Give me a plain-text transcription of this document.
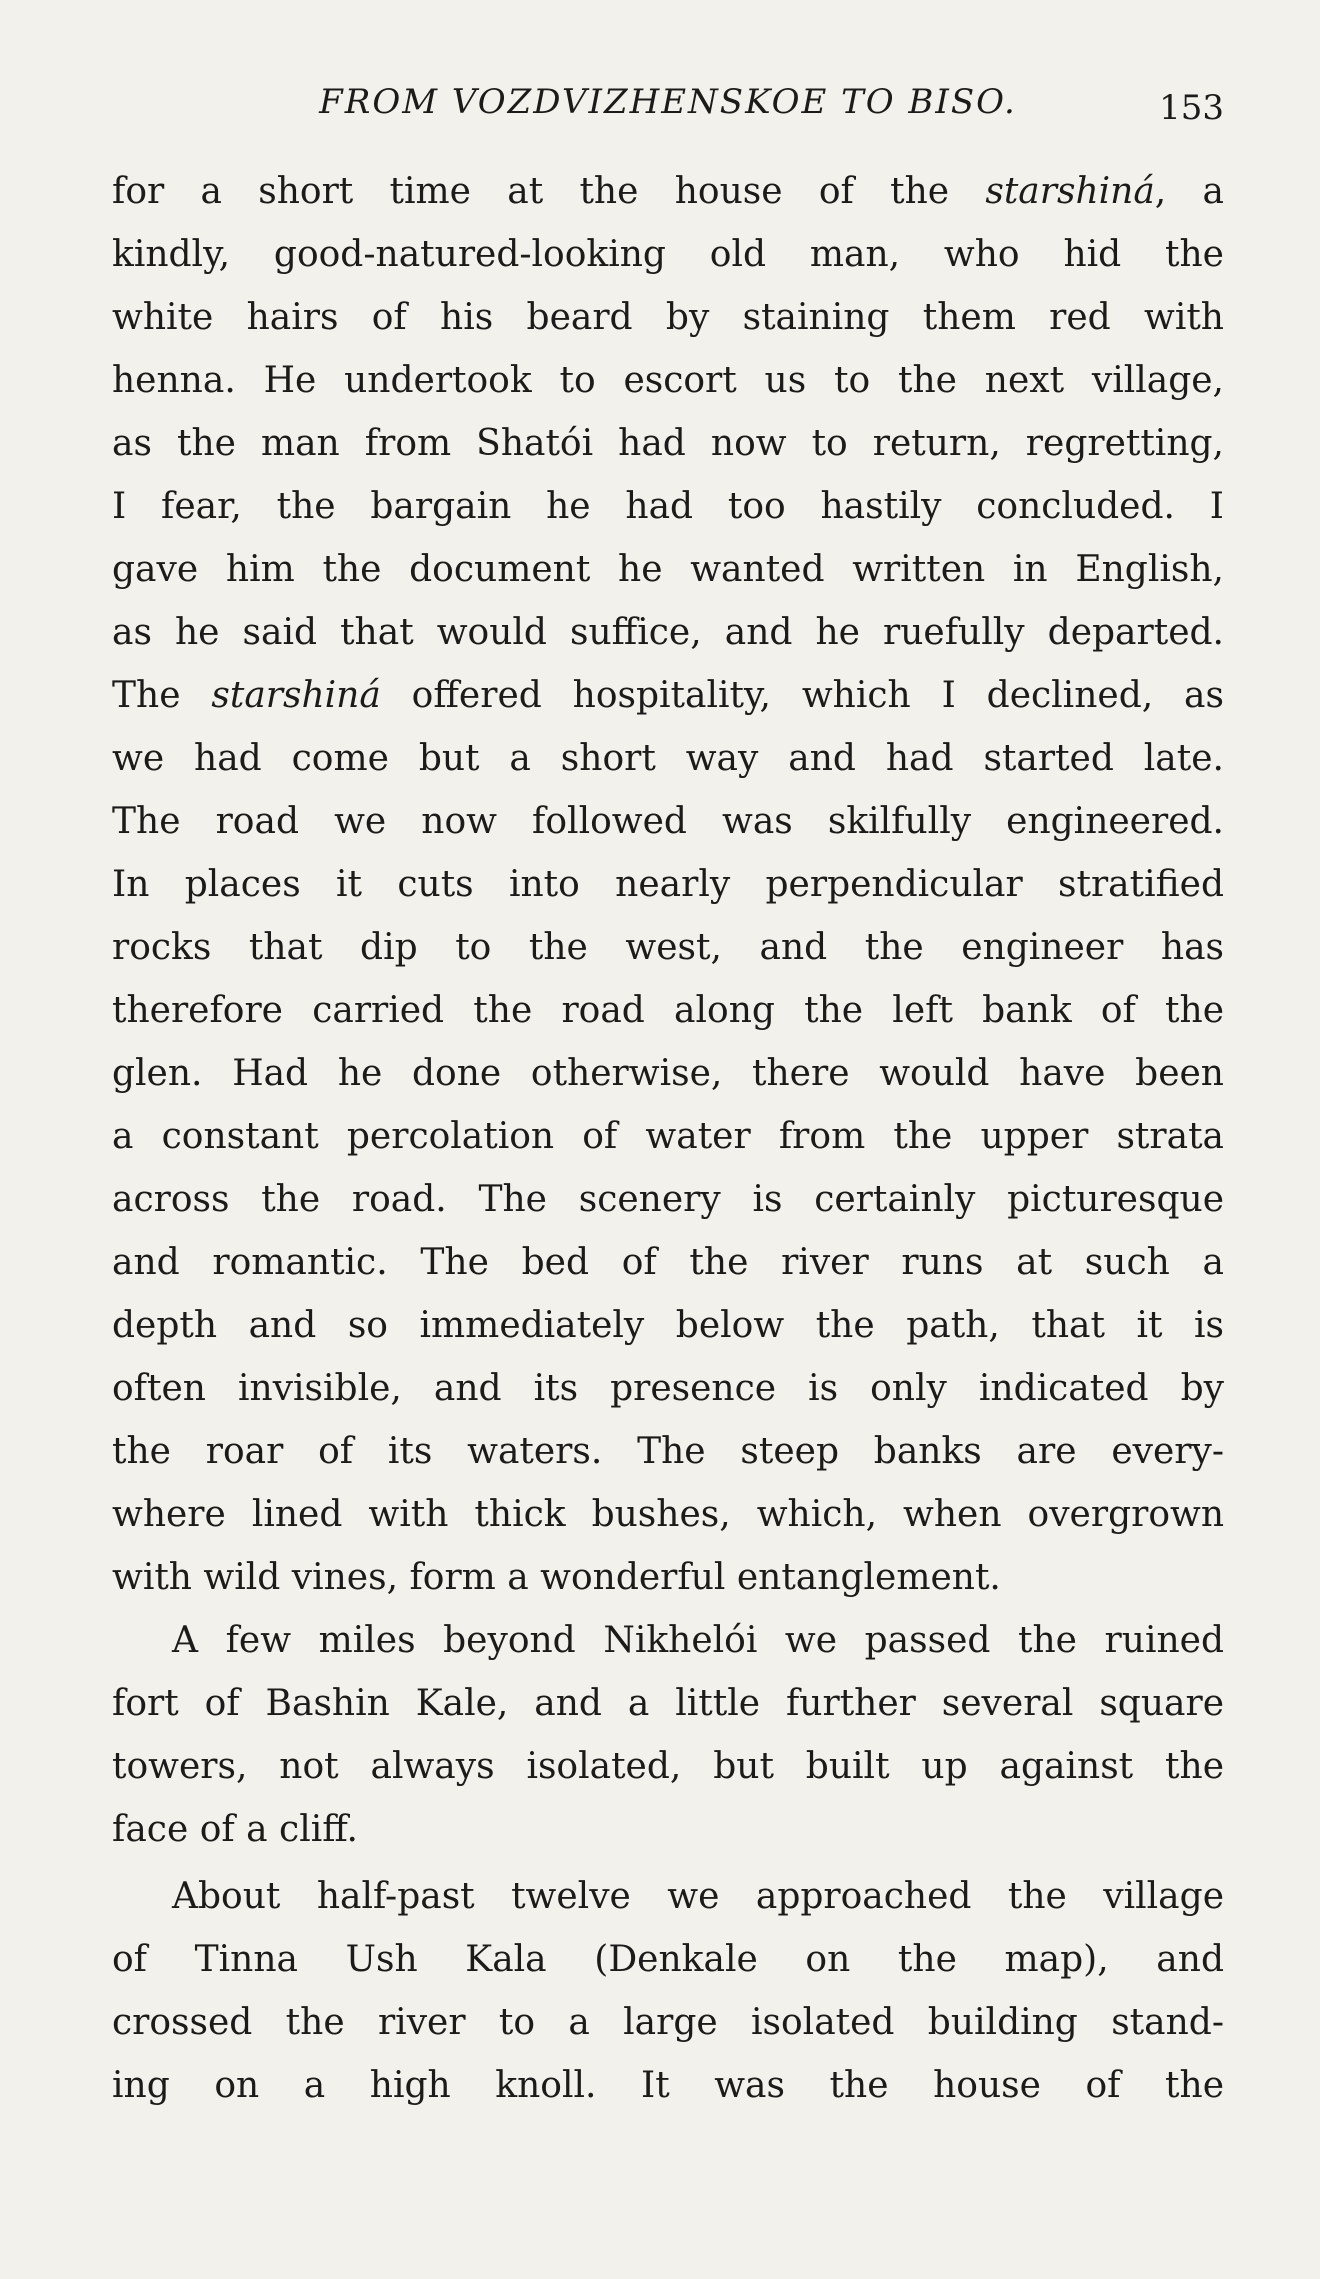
FROM VOZDVIZHENSKOE TO BISO.	153
for a short time at the house of the starshiná, a
kindly, good-natured-looking old man, who hid the
white hairs of his beard by staining them red with
henna. He undertook to escort us to the next village,
as the man from Shatói had now to return, regretting,
I fear, the bargain he had too hastily concluded. I
gave him the document he wanted written in English,
as he said that would suffice, and he ruefully departed.
The starshiná offered hospitality, which I declined, as
we had come but a short way and had started late.
The road we now followed was skilfully engineered.
In places it cuts into nearly perpendicular stratified
rocks that dip to the west, and the engineer has
therefore carried the road along the left bank of the
glen. Had he done otherwise, there would have been
a constant percolation of water from the upper strata
across the road. The scenery is certainly picturesque
and romantic. The bed of the river runs at such a
depth and so immediately below the path, that it is
often invisible, and its presence is only indicated by
the roar of its waters. The steep banks are every-
where lined with thick bushes, which, when overgrown
with wild vines, form a wonderful entanglement.
A few miles beyond Nikhelói we passed the ruined
fort of Bashin Kale, and a little further several square
towers, not always isolated, but built up against the
face of a cliff.
About half-past twelve we approached the village
of Tinna Ush Kala (Denkale on the map), and
crossed the river to a large isolated building stand-
ing on a high knoll. It was the house of the
